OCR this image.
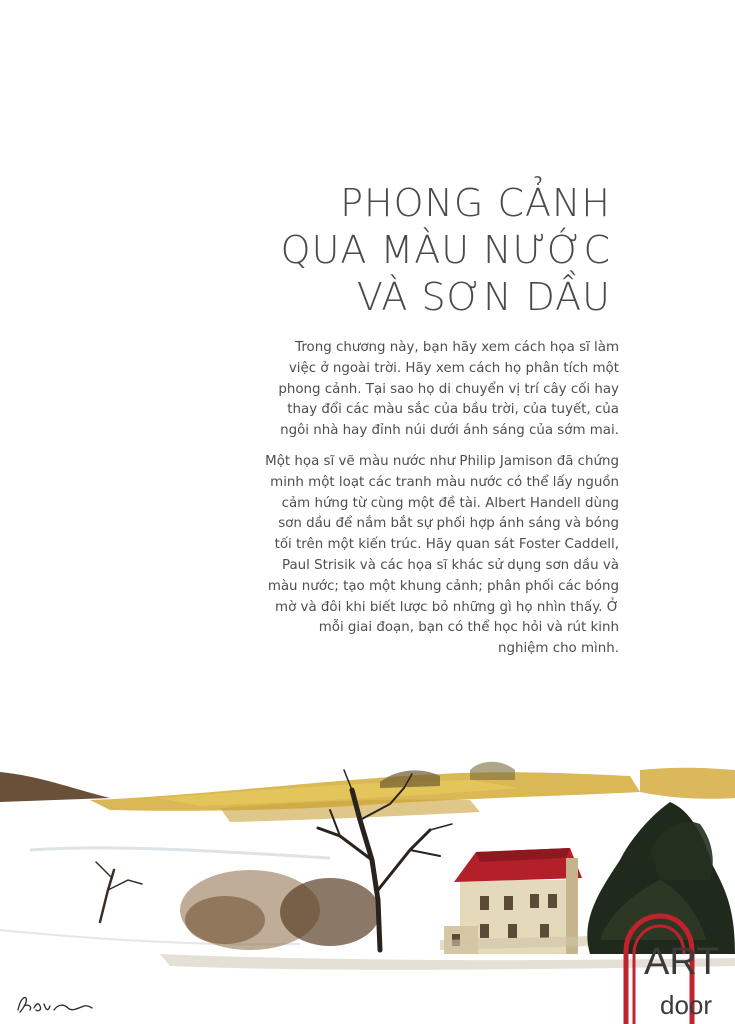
PHONG CẢNH
QUA MÀU NƯỚC
VÀ SƠN DẦU

Trong chương này, bạn hãy xem cách họa sĩ làm việc ở ngoài trời. Hãy xem cách họ phân tích một phong cảnh. Tại sao họ di chuyển vị trí cây cối hay thay đổi các màu sắc của bầu trời, của tuyết, của ngôi nhà hay đỉnh núi dưới ánh sáng của sớm mai.

Một họa sĩ vẽ màu nước như Philip Jamison đã chứng minh một loạt các tranh màu nước có thể lấy nguồn cảm hứng từ cùng một đề tài. Albert Handell dùng sơn dầu để nắm bắt sự phối hợp ánh sáng và bóng tối trên một kiến trúc. Hãy quan sát Foster Caddell, Paul Strisik và các họa sĩ khác sử dụng sơn dầu và màu nước; tạo một khung cảnh; phân phối các bóng mờ và đôi khi biết lược bỏ những gì họ nhìn thấy. Ở mỗi giai đoạn, bạn có thể học hỏi và rút kinh nghiệm cho mình.

ART
door
